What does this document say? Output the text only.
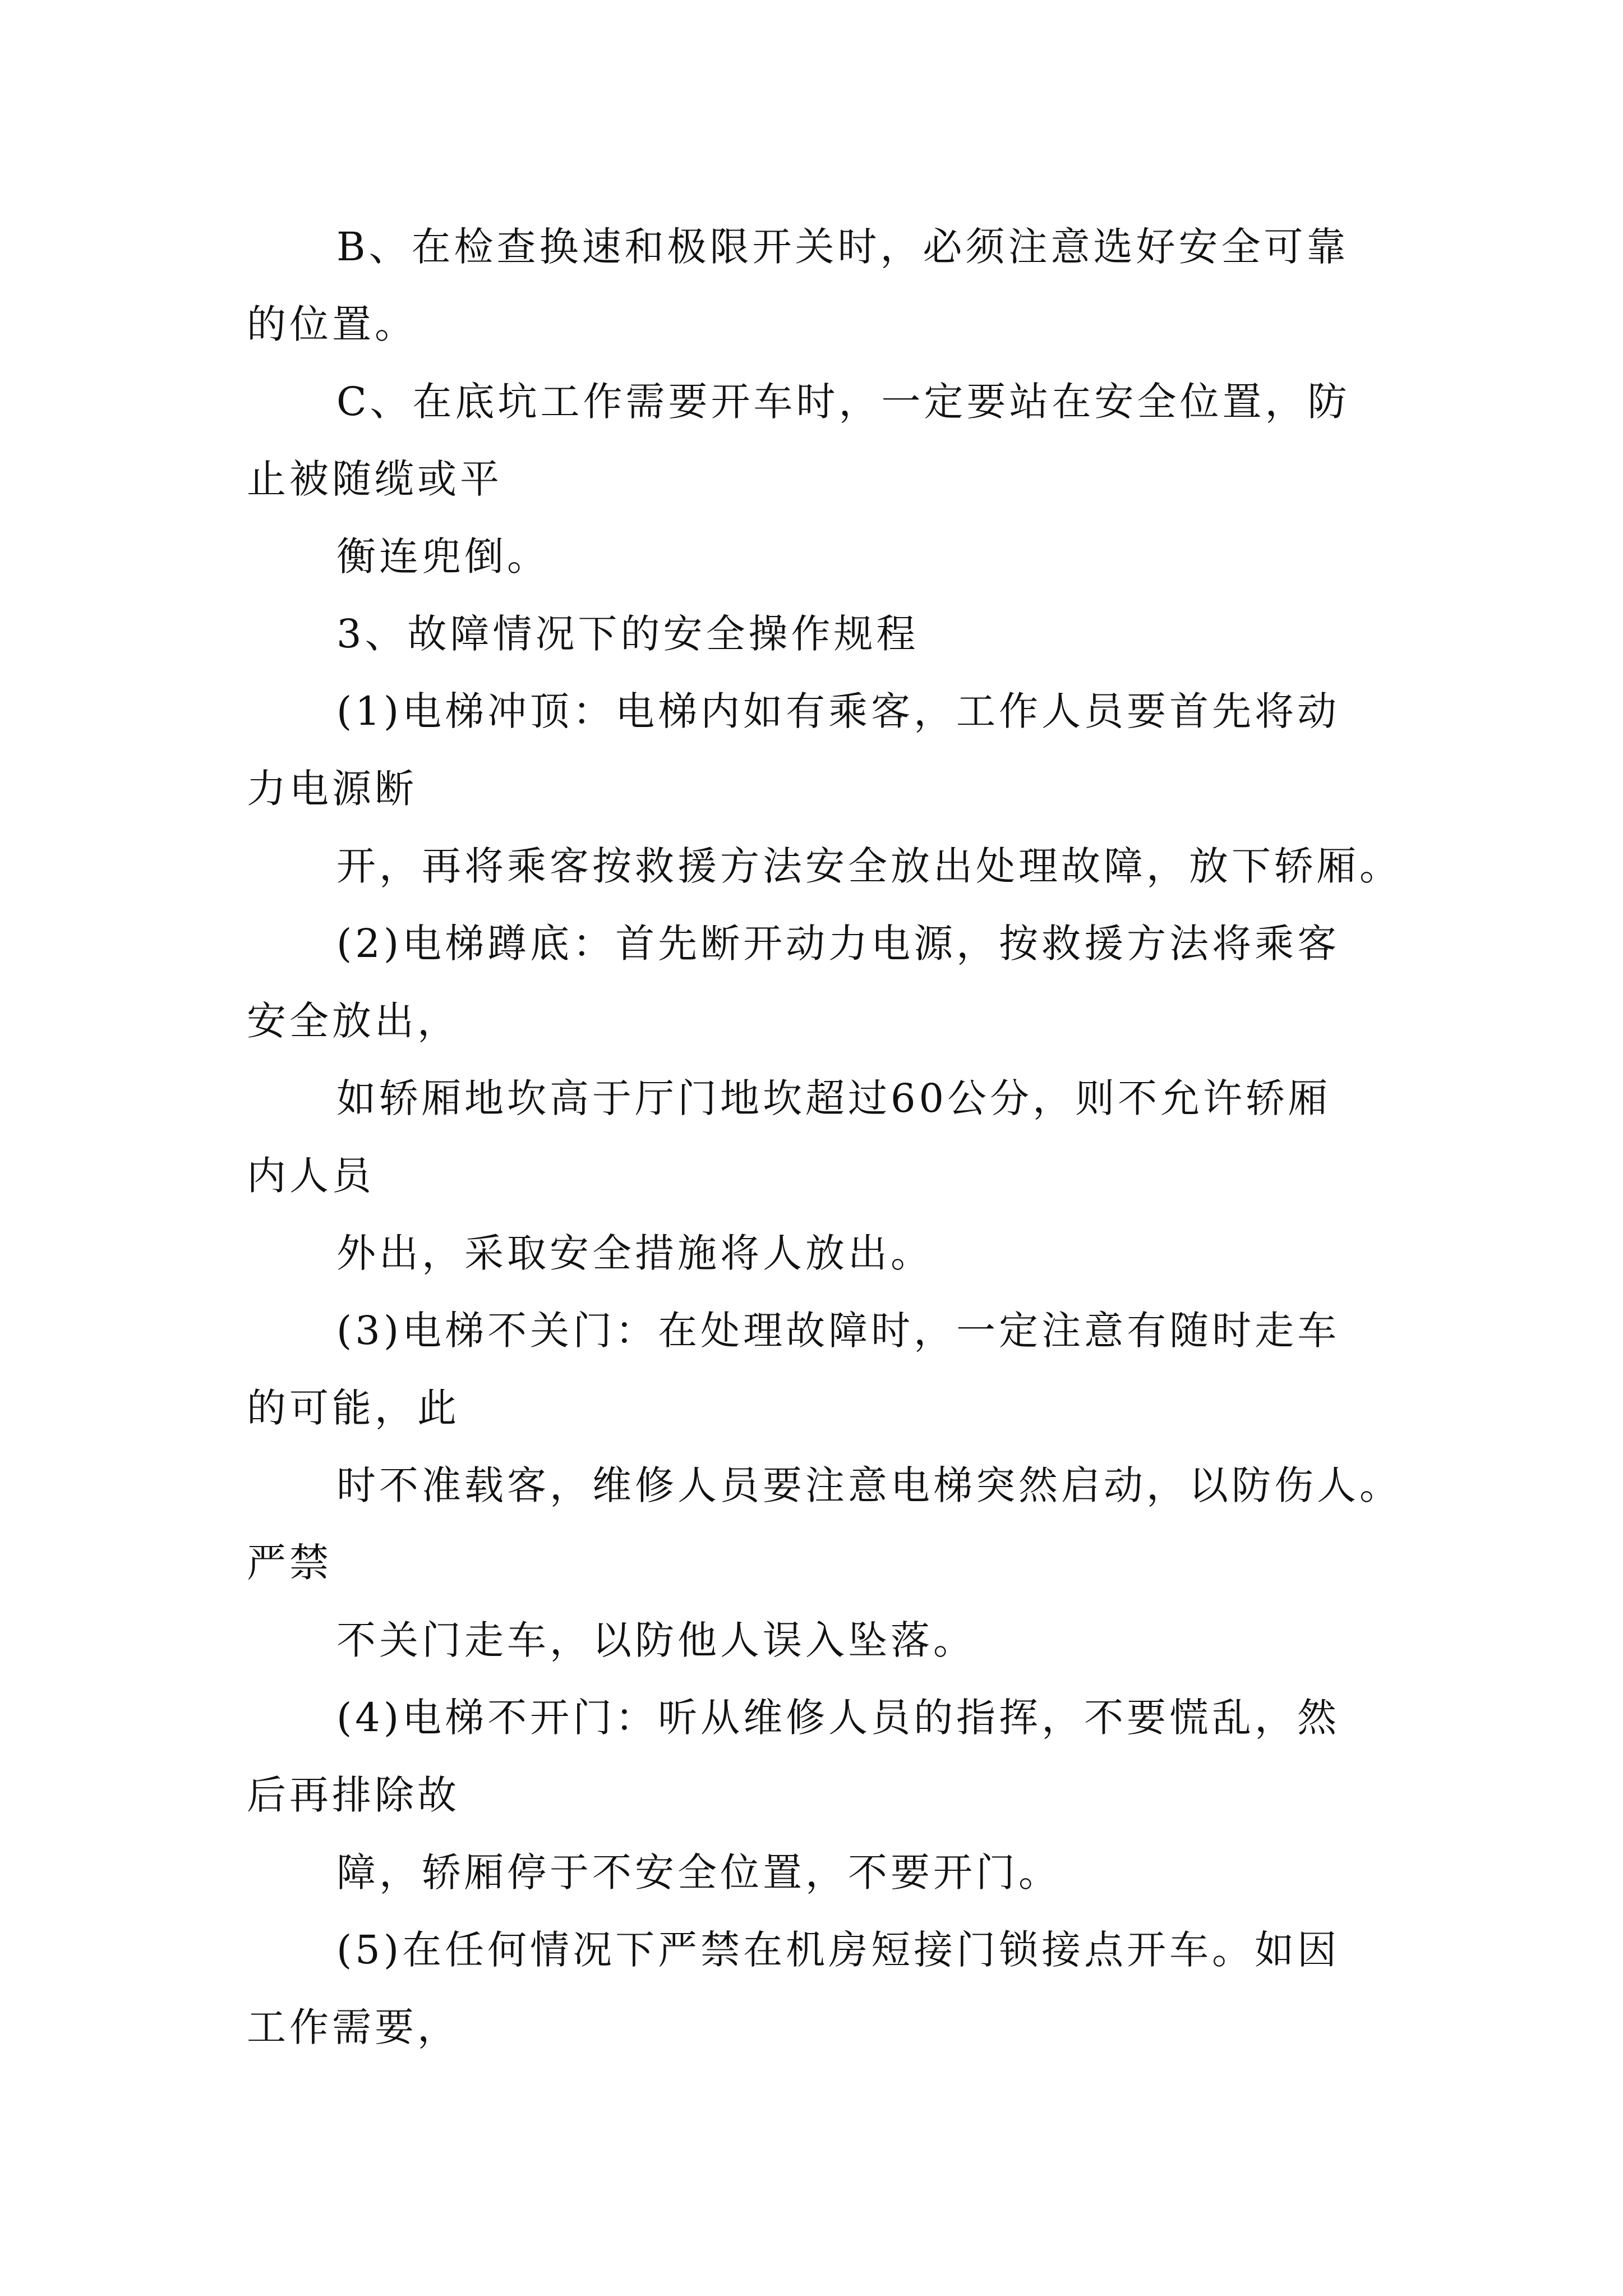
B、在检查换速和极限开关时，必须注意选好安全可靠
的位置。
C、在底坑工作需要开车时，一定要站在安全位置，防
止被随缆或平
衡连兜倒。
3、故障情况下的安全操作规程
(1)电梯冲顶：电梯内如有乘客，工作人员要首先将动
力电源断
开，再将乘客按救援方法安全放出处理故障，放下轿厢。
(2)电梯蹲底：首先断开动力电源，按救援方法将乘客
安全放出，
如轿厢地坎高于厅门地坎超过60公分，则不允许轿厢
内人员
外出，采取安全措施将人放出。
(3)电梯不关门：在处理故障时，一定注意有随时走车
的可能，此
时不准载客，维修人员要注意电梯突然启动，以防伤人。
严禁
不关门走车，以防他人误入坠落。
(4)电梯不开门：听从维修人员的指挥，不要慌乱，然
后再排除故
障，轿厢停于不安全位置，不要开门。
(5)在任何情况下严禁在机房短接门锁接点开车。如因
工作需要，
